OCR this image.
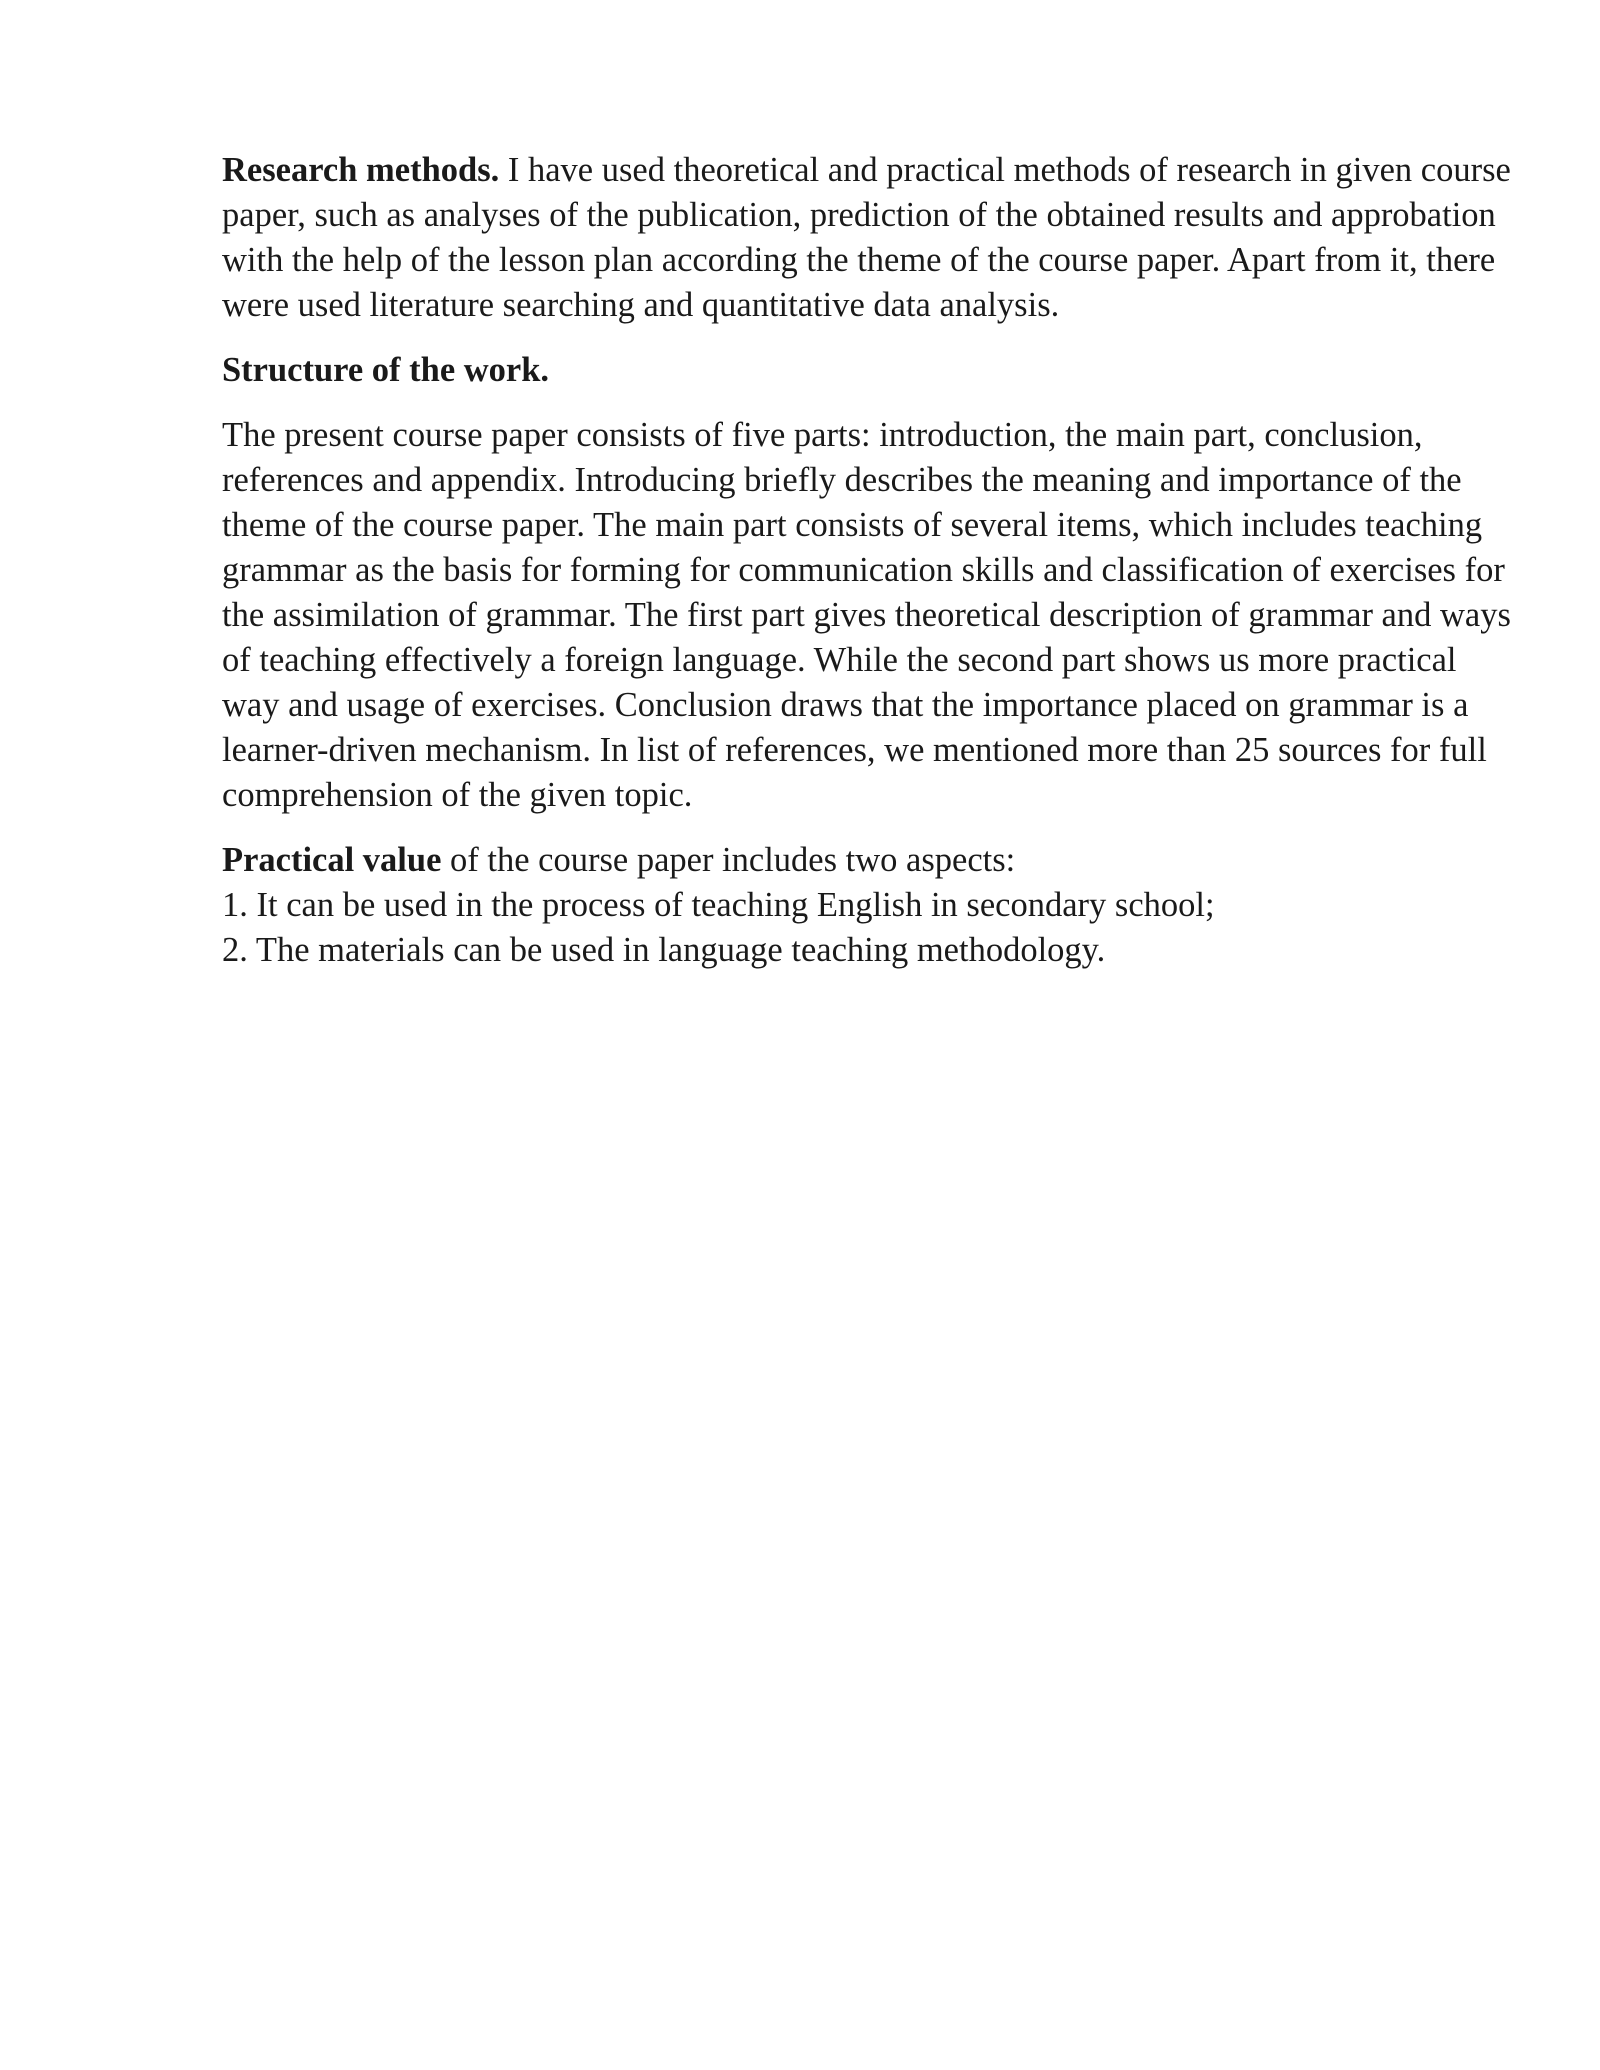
Research methods. I have used theoretical and practical methods of research in given course paper, such as analyses of the publication, prediction of the obtained results and approbation with the help of the lesson plan according the theme of the course paper. Apart from it, there were used literature searching and quantitative data analysis.

Structure of the work.

The present course paper consists of five parts: introduction, the main part, conclusion, references and appendix. Introducing briefly describes the meaning and importance of the theme of the course paper. The main part consists of several items, which includes teaching grammar as the basis for forming for communication skills and classification of exercises for the assimilation of grammar. The first part gives theoretical description of grammar and ways of teaching effectively a foreign language. While the second part shows us more practical way and usage of exercises. Conclusion draws that the importance placed on grammar is a learner-driven mechanism. In list of references, we mentioned more than 25 sources for full comprehension of the given topic.

Practical value of the course paper includes two aspects:
1. It can be used in the process of teaching English in secondary school;
2. The materials can be used in language teaching methodology.
